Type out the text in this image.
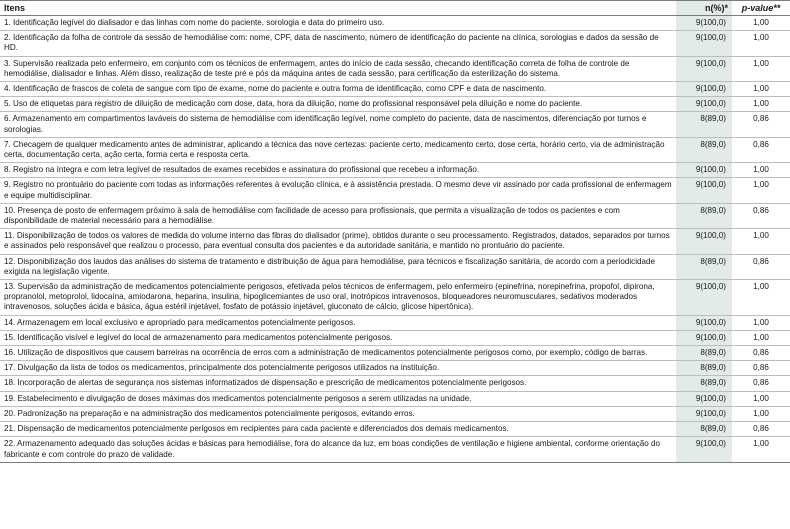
Itens	n(%)*	p-value**
1. Identificação legível do dialisador e das linhas com nome do paciente, sorologia e data do primeiro uso.	9(100,0)	1,00
2. Identificação da folha de controle da sessão de hemodiálise com: nome, CPF, data de nascimento, número de identificação do paciente na clínica, sorologias e dados da sessão de HD.	9(100,0)	1,00
3. Supervisão realizada pelo enfermeiro, em conjunto com os técnicos de enfermagem, antes do início de cada sessão, checando identificação correta de folha de controle de hemodiálise, dialisador e linhas. Além disso, realização de teste pré e pós da máquina antes de cada sessão, para certificação da esterilização do sistema.	9(100,0)	1,00
4. Identificação de frascos de coleta de sangue com tipo de exame, nome do paciente e outra forma de identificação, como CPF e data de nascimento.	9(100,0)	1,00
5. Uso de etiquetas para registro de diluição de medicação com dose, data, hora da diluição, nome do profissional responsável pela diluição e nome do paciente.	9(100,0)	1,00
6. Armazenamento em compartimentos laváveis do sistema de hemodiálise com identificação legível, nome completo do paciente, data de nascimentos, diferenciação por turnos e sorologias.	8(89,0)	0,86
7. Checagem de qualquer medicamento antes de administrar, aplicando a técnica das nove certezas: paciente certo, medicamento certo, dose certa, horário certo, via de administração certa, documentação certa, ação certa, forma certa e resposta certa.	8(89,0)	0,86
8. Registro na íntegra e com letra legível de resultados de exames recebidos e assinatura do profissional que recebeu a informação.	9(100,0)	1,00
9. Registro no prontuário do paciente com todas as informações referentes à evolução clínica, e à assistência prestada. O mesmo deve vir assinado por cada profissional de enfermagem e equipe multidisciplinar.	9(100,0)	1,00
10. Presença de posto de enfermagem próximo à sala de hemodiálise com facilidade de acesso para profissionais, que permita a visualização de todos os pacientes e com disponibilidade de material necessário para a hemodiálise.	8(89,0)	0,86
11. Disponibilização de todos os valores de medida do volume interno das fibras do dialisador (prime), obtidos durante o seu processamento. Registrados, datados, separados por turnos e assinados pelo responsável que realizou o processo, para eventual consulta dos pacientes e da autoridade sanitária, e mantido no prontuário do paciente.	9(100,0)	1,00
12. Disponibilização dos laudos das análises do sistema de tratamento e distribuição de água para hemodiálise, para técnicos e fiscalização sanitária, de acordo com a periodicidade exigida na legislação vigente.	8(89,0)	0,86
13. Supervisão da administração de medicamentos potencialmente perigosos, efetivada pelos técnicos de enfermagem, pelo enfermeiro (epinefrina, norepinefrina, propofol, dipirona, propranolol, metoprolol, lidocaína, amiodarona, heparina, insulina, hipoglicemiantes de uso oral, inotrópicos intravenosos, bloqueadores neuromusculares, sedativos moderados intravenosos, soluções ácida e básica, água estéril injetável, fosfato de potássio injetável, gluconato de cálcio, glicose hipertônica).	9(100,0)	1,00
14. Armazenagem em local exclusivo e apropriado para medicamentos potencialmente perigosos.	9(100,0)	1,00
15. Identificação visível e legível do local de armazenamento para medicamentos potencialmente perigosos.	9(100,0)	1,00
16. Utilização de dispositivos que causem barreiras na ocorrência de erros com a administração de medicamentos potencialmente perigosos como, por exemplo, código de barras.	8(89,0)	0,86
17. Divulgação da lista de todos os medicamentos, principalmente dos potencialmente perigosos utilizados na instituição.	8(89,0)	0,86
18. Incorporação de alertas de segurança nos sistemas informatizados de dispensação e prescrição de medicamentos potencialmente perigosos.	8(89,0)	0,86
19. Estabelecimento e divulgação de doses máximas dos medicamentos potencialmente perigosos a serem utilizadas na unidade.	9(100,0)	1,00
20. Padronização na preparação e na administração dos medicamentos potencialmente perigosos, evitando erros.	9(100,0)	1,00
21. Dispensação de medicamentos potencialmente perigosos em recipientes para cada paciente e diferenciados dos demais medicamentos.	8(89,0)	0,86
22. Armazenamento adequado das soluções ácidas e básicas para hemodiálise, fora do alcance da luz, em boas condições de ventilação e higiene ambiental, conforme orientação do fabricante e com controle do prazo de validade.	9(100,0)	1,00
